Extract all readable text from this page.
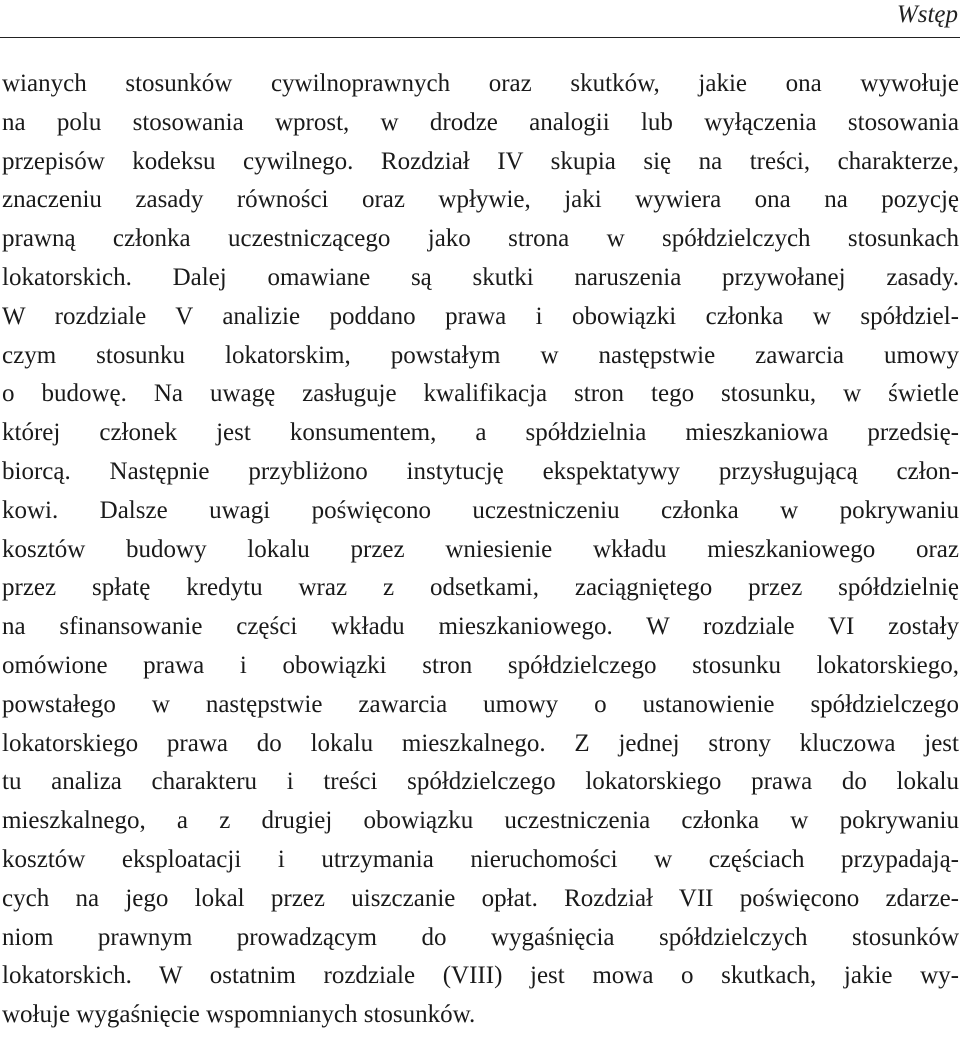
Wstęp
wianych stosunków cywilnoprawnych oraz skutków, jakie ona wywołuje
na polu stosowania wprost, w drodze analogii lub wyłączenia stosowania
przepisów kodeksu cywilnego. Rozdział IV skupia się na treści, charakterze,
znaczeniu zasady równości oraz wpływie, jaki wywiera ona na pozycję
prawną członka uczestniczącego jako strona w spółdzielczych stosunkach
lokatorskich. Dalej omawiane są skutki naruszenia przywołanej zasady.
W rozdziale V analizie poddano prawa i obowiązki członka w spółdziel-
czym stosunku lokatorskim, powstałym w następstwie zawarcia umowy
o budowę. Na uwagę zasługuje kwalifikacja stron tego stosunku, w świetle
której członek jest konsumentem, a spółdzielnia mieszkaniowa przedsię-
biorcą. Następnie przybliżono instytucję ekspektatywy przysługującą człon-
kowi. Dalsze uwagi poświęcono uczestniczeniu członka w pokrywaniu
kosztów budowy lokalu przez wniesienie wkładu mieszkaniowego oraz
przez spłatę kredytu wraz z odsetkami, zaciągniętego przez spółdzielnię
na sfinansowanie części wkładu mieszkaniowego. W rozdziale VI zostały
omówione prawa i obowiązki stron spółdzielczego stosunku lokatorskiego,
powstałego w następstwie zawarcia umowy o ustanowienie spółdzielczego
lokatorskiego prawa do lokalu mieszkalnego. Z jednej strony kluczowa jest
tu analiza charakteru i treści spółdzielczego lokatorskiego prawa do lokalu
mieszkalnego, a z drugiej obowiązku uczestniczenia członka w pokrywaniu
kosztów eksploatacji i utrzymania nieruchomości w częściach przypadają-
cych na jego lokal przez uiszczanie opłat. Rozdział VII poświęcono zdarze-
niom prawnym prowadzącym do wygaśnięcia spółdzielczych stosunków
lokatorskich. W ostatnim rozdziale (VIII) jest mowa o skutkach, jakie wy-
wołuje wygaśnięcie wspomnianych stosunków.
